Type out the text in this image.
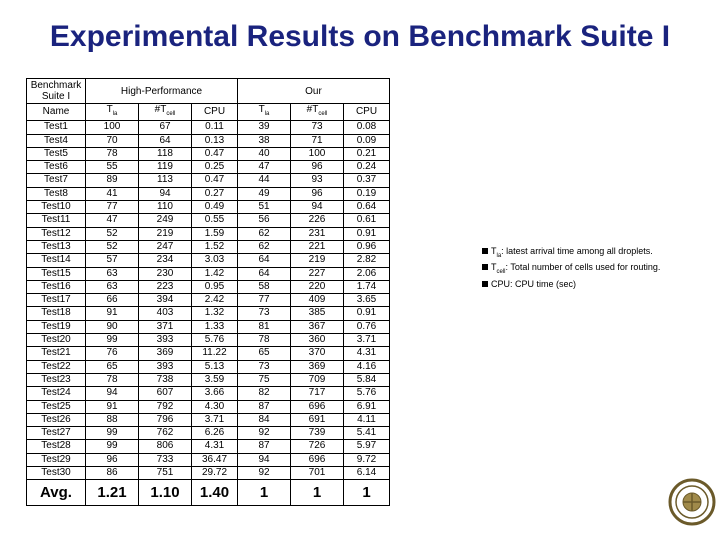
Experimental Results on Benchmark Suite I
Benchmark Suite I	High-Performance			Our		
Name	$T_{la}$	$\#T_{cell}$	CPU	$T_{la}$	$\#T_{cell}$	CPU
Test1	100	67	0.11	39	73	0.08
Test4	70	64	0.13	38	71	0.09
Test5	78	118	0.47	40	100	0.21
Test6	55	119	0.25	47	96	0.24
Test7	89	113	0.47	44	93	0.37
Test8	41	94	0.27	49	96	0.19
Test10	77	110	0.49	51	94	0.64
Test11	47	249	0.55	56	226	0.61
Test12	52	219	1.59	62	231	0.91
Test13	52	247	1.52	62	221	0.96
Test14	57	234	3.03	64	219	2.82
Test15	63	230	1.42	64	227	2.06
Test16	63	223	0.95	58	220	1.74
Test17	66	394	2.42	77	409	3.65
Test18	91	403	1.32	73	385	0.91
Test19	90	371	1.33	81	367	0.76
Test20	99	393	5.76	78	360	3.71
Test21	76	369	11.22	65	370	4.31
Test22	65	393	5.13	73	369	4.16
Test23	78	738	3.59	75	709	5.84
Test24	94	607	3.66	82	717	5.76
Test25	91	792	4.30	87	696	6.91
Test26	88	796	3.71	84	691	4.11
Test27	99	762	6.26	92	739	5.41
Test28	99	806	4.31	87	726	5.97
Test29	96	733	36.47	94	696	9.72
Test30	86	751	29.72	92	701	6.14
Avg.	1.21	1.10	1.40	1	1	1
$T_{la}$: latest arrival time among all droplets.
$T_{cell}$: Total number of cells used for routing.
CPU: CPU time (sec)
